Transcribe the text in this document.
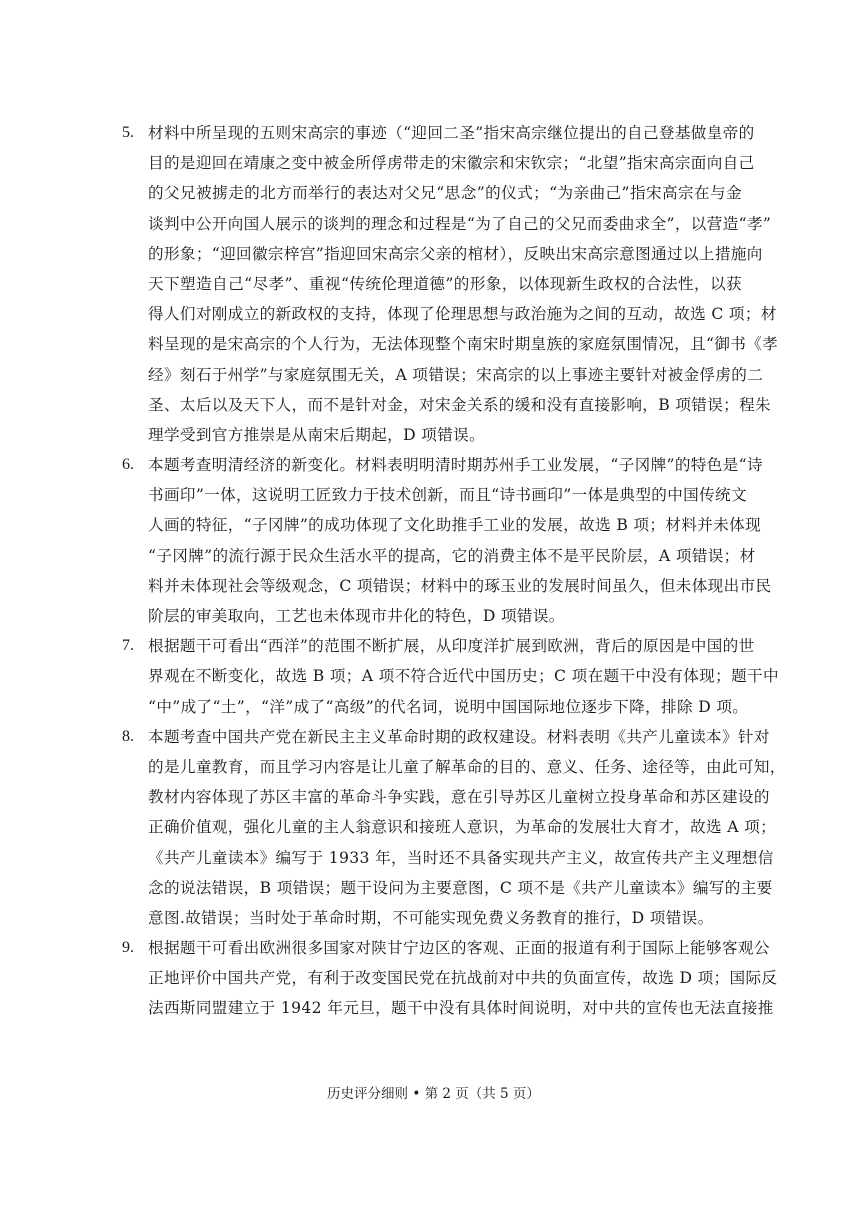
5. 材料中所呈现的五则宋高宗的事迹（“迎回二圣”指宋高宗继位提出的自己登基做皇帝的
目的是迎回在靖康之变中被金所俘虏带走的宋徽宗和宋钦宗；“北望”指宋高宗面向自己
的父兄被掳走的北方而举行的表达对父兄“思念”的仪式；“为亲曲己”指宋高宗在与金
谈判中公开向国人展示的谈判的理念和过程是“为了自己的父兄而委曲求全”，以营造“孝”
的形象；“迎回徽宗梓宫”指迎回宋高宗父亲的棺材），反映出宋高宗意图通过以上措施向
天下塑造自己“尽孝”、重视“传统伦理道德”的形象，以体现新生政权的合法性，以获
得人们对刚成立的新政权的支持，体现了伦理思想与政治施为之间的互动，故选 C 项；材
料呈现的是宋高宗的个人行为，无法体现整个南宋时期皇族的家庭氛围情况，且“御书《孝
经》刻石于州学”与家庭氛围无关，A 项错误；宋高宗的以上事迹主要针对被金俘虏的二
圣、太后以及天下人，而不是针对金，对宋金关系的缓和没有直接影响，B 项错误；程朱
理学受到官方推崇是从南宋后期起，D 项错误。
6. 本题考查明清经济的新变化。材料表明明清时期苏州手工业发展，“子冈牌”的特色是“诗
书画印”一体，这说明工匠致力于技术创新，而且“诗书画印”一体是典型的中国传统文
人画的特征，“子冈牌”的成功体现了文化助推手工业的发展，故选 B 项；材料并未体现
“子冈牌”的流行源于民众生活水平的提高，它的消费主体不是平民阶层，A 项错误；材
料并未体现社会等级观念，C 项错误；材料中的琢玉业的发展时间虽久，但未体现出市民
阶层的审美取向，工艺也未体现市井化的特色，D 项错误。
7. 根据题干可看出“西洋”的范围不断扩展，从印度洋扩展到欧洲，背后的原因是中国的世
界观在不断变化，故选 B 项；A 项不符合近代中国历史；C 项在题干中没有体现；题干中
“中”成了“土”，“洋”成了“高级”的代名词，说明中国国际地位逐步下降，排除 D 项。
8. 本题考查中国共产党在新民主主义革命时期的政权建设。材料表明《共产儿童读本》针对
的是儿童教育，而且学习内容是让儿童了解革命的目的、意义、任务、途径等，由此可知，
教材内容体现了苏区丰富的革命斗争实践，意在引导苏区儿童树立投身革命和苏区建设的
正确价值观，强化儿童的主人翁意识和接班人意识，为革命的发展壮大育才，故选 A 项；
《共产儿童读本》编写于 1933 年，当时还不具备实现共产主义，故宣传共产主义理想信
念的说法错误，B 项错误；题干设问为主要意图，C 项不是《共产儿童读本》编写的主要
意图.故错误；当时处于革命时期，不可能实现免费义务教育的推行，D 项错误。
9. 根据题干可看出欧洲很多国家对陕甘宁边区的客观、正面的报道有利于国际上能够客观公
正地评价中国共产党，有利于改变国民党在抗战前对中共的负面宣传，故选 D 项；国际反
法西斯同盟建立于 1942 年元旦，题干中没有具体时间说明，对中共的宣传也无法直接推
历史评分细则 • 第 2 页（共 5 页）
